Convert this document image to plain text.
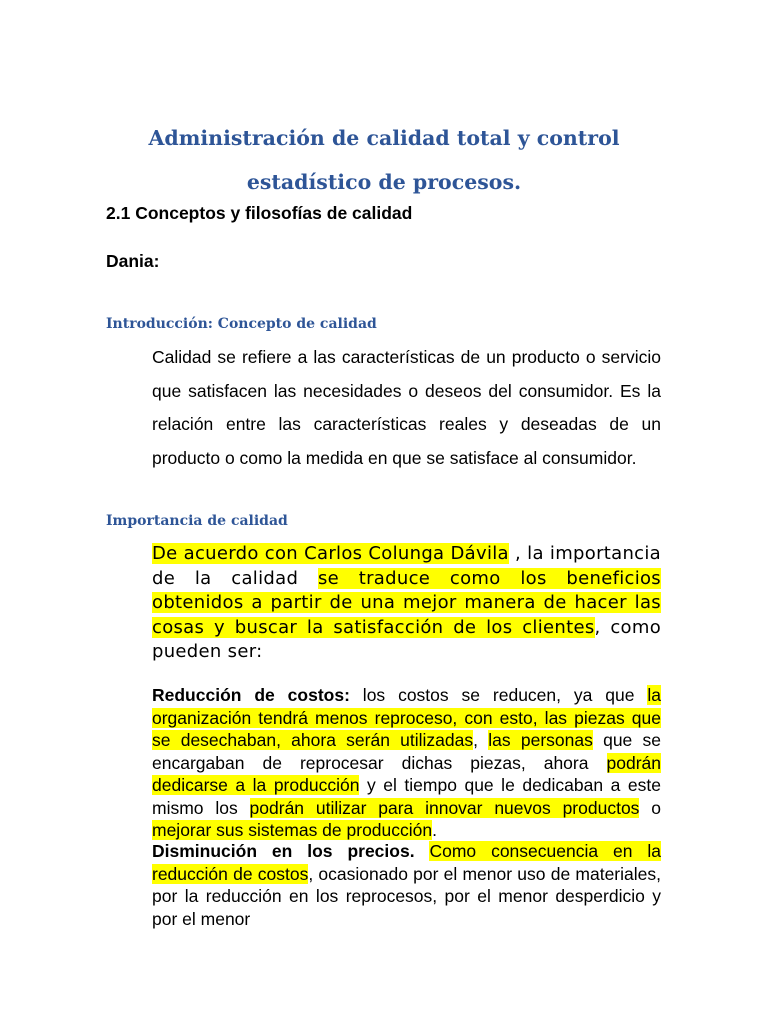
Administración de calidad total y control estadístico de procesos.

2.1 Conceptos y filosofías de calidad

Dania:

Introducción: Concepto de calidad

Calidad se refiere a las características de un producto o servicio que satisfacen las necesidades o deseos del consumidor. Es la relación entre las características reales y deseadas de un producto o como la medida en que se satisface al consumidor.

Importancia de calidad

De acuerdo con Carlos Colunga Dávila , la importancia de la calidad se traduce como los beneficios obtenidos a partir de una mejor manera de hacer las cosas y buscar la satisfacción de los clientes, como pueden ser:

Reducción de costos: los costos se reducen, ya que la organización tendrá menos reproceso, con esto, las piezas que se desechaban, ahora serán utilizadas, las personas que se encargaban de reprocesar dichas piezas, ahora podrán dedicarse a la producción y el tiempo que le dedicaban a este mismo los podrán utilizar para innovar nuevos productos o mejorar sus sistemas de producción.

Disminución en los precios. Como consecuencia en la reducción de costos, ocasionado por el menor uso de materiales, por la reducción en los reprocesos, por el menor desperdicio y por el menor
